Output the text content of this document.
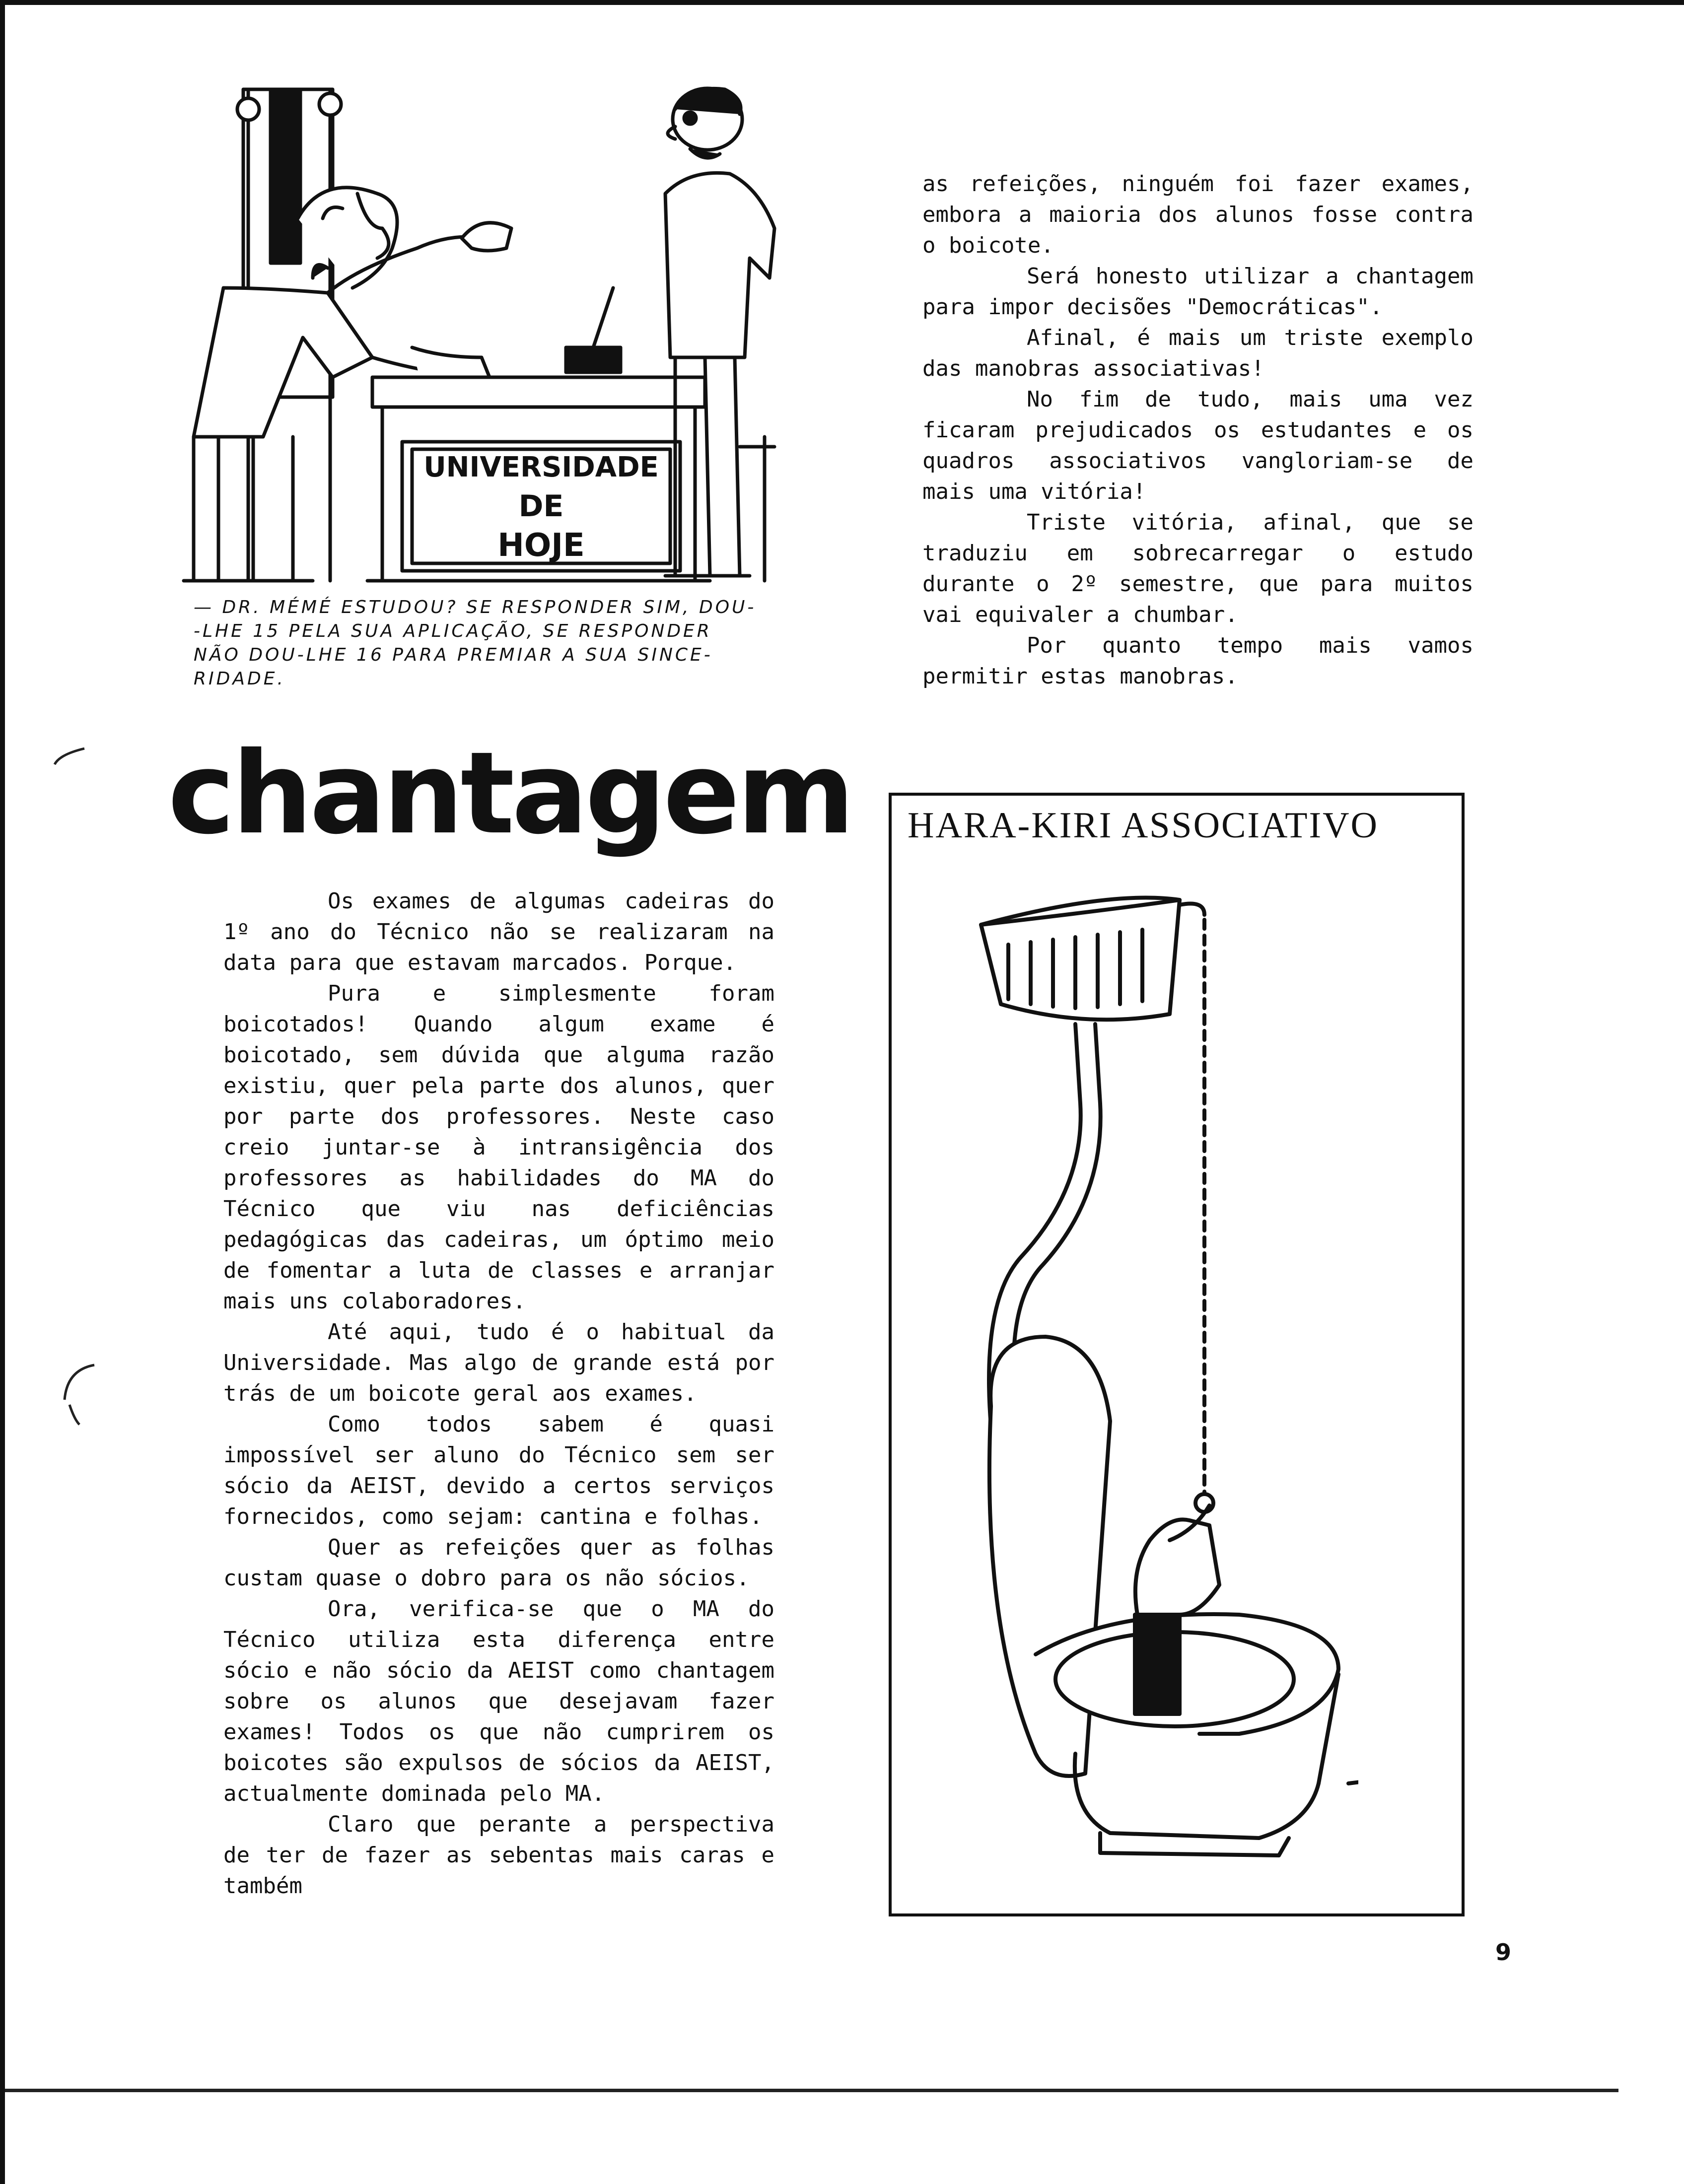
UNIVERSIDADE
DE
HOJE

— DR. MÉMÉ ESTUDOU? SE RESPONDER SIM, DOU-

-LHE 15 PELA SUA APLICAÇÃO, SE RESPONDER

NÃO DOU-LHE 16 PARA PREMIAR A SUA SINCE-

RIDADE.

chantagem

Os exames de algumas cadeiras do 1º ano do Técnico não se realizaram na data para que estavam marcados. Porque.

Pura e simplesmente foram boicotados! Quando algum exame é boicotado, sem dúvida que alguma razão existiu, quer pela parte dos alunos, quer por parte dos professores. Neste caso creio juntar-se à intransigência dos professores as habilidades do MA do Técnico que viu nas deficiências pedagógicas das cadeiras, um óptimo meio de fomentar a luta de classes e arranjar mais uns colaboradores.

Até aqui, tudo é o habitual da Universidade. Mas algo de grande está por trás de um boicote geral aos exames.

Como todos sabem é quasi impossível ser aluno do Técnico sem ser sócio da AEIST, devido a certos serviços fornecidos, como sejam: cantina e folhas.

Quer as refeições quer as folhas custam quase o dobro para os não sócios.

Ora, verifica-se que o MA do Técnico utiliza esta diferença entre sócio e não sócio da AEIST como chantagem sobre os alunos que desejavam fazer exames! Todos os que não cumprirem os boicotes são expulsos de sócios da AEIST, actualmente dominada pelo MA.

Claro que perante a perspectiva de ter de fazer as sebentas mais caras e também

as refeições, ninguém foi fazer exames, embora a maioria dos alunos fosse contra o boicote.

Será honesto utilizar a chantagem para impor decisões "Democráticas".

Afinal, é mais um triste exemplo das manobras associativas!

No fim de tudo, mais uma vez ficaram prejudicados os estudantes e os quadros associativos vangloriam-se de mais uma vitória!

Triste vitória, afinal, que se traduziu em sobrecarregar o estudo durante o 2º semestre, que para muitos vai equivaler a chumbar.

Por quanto tempo mais vamos permitir estas manobras.

HARA-KIRI ASSOCIATIVO

9
